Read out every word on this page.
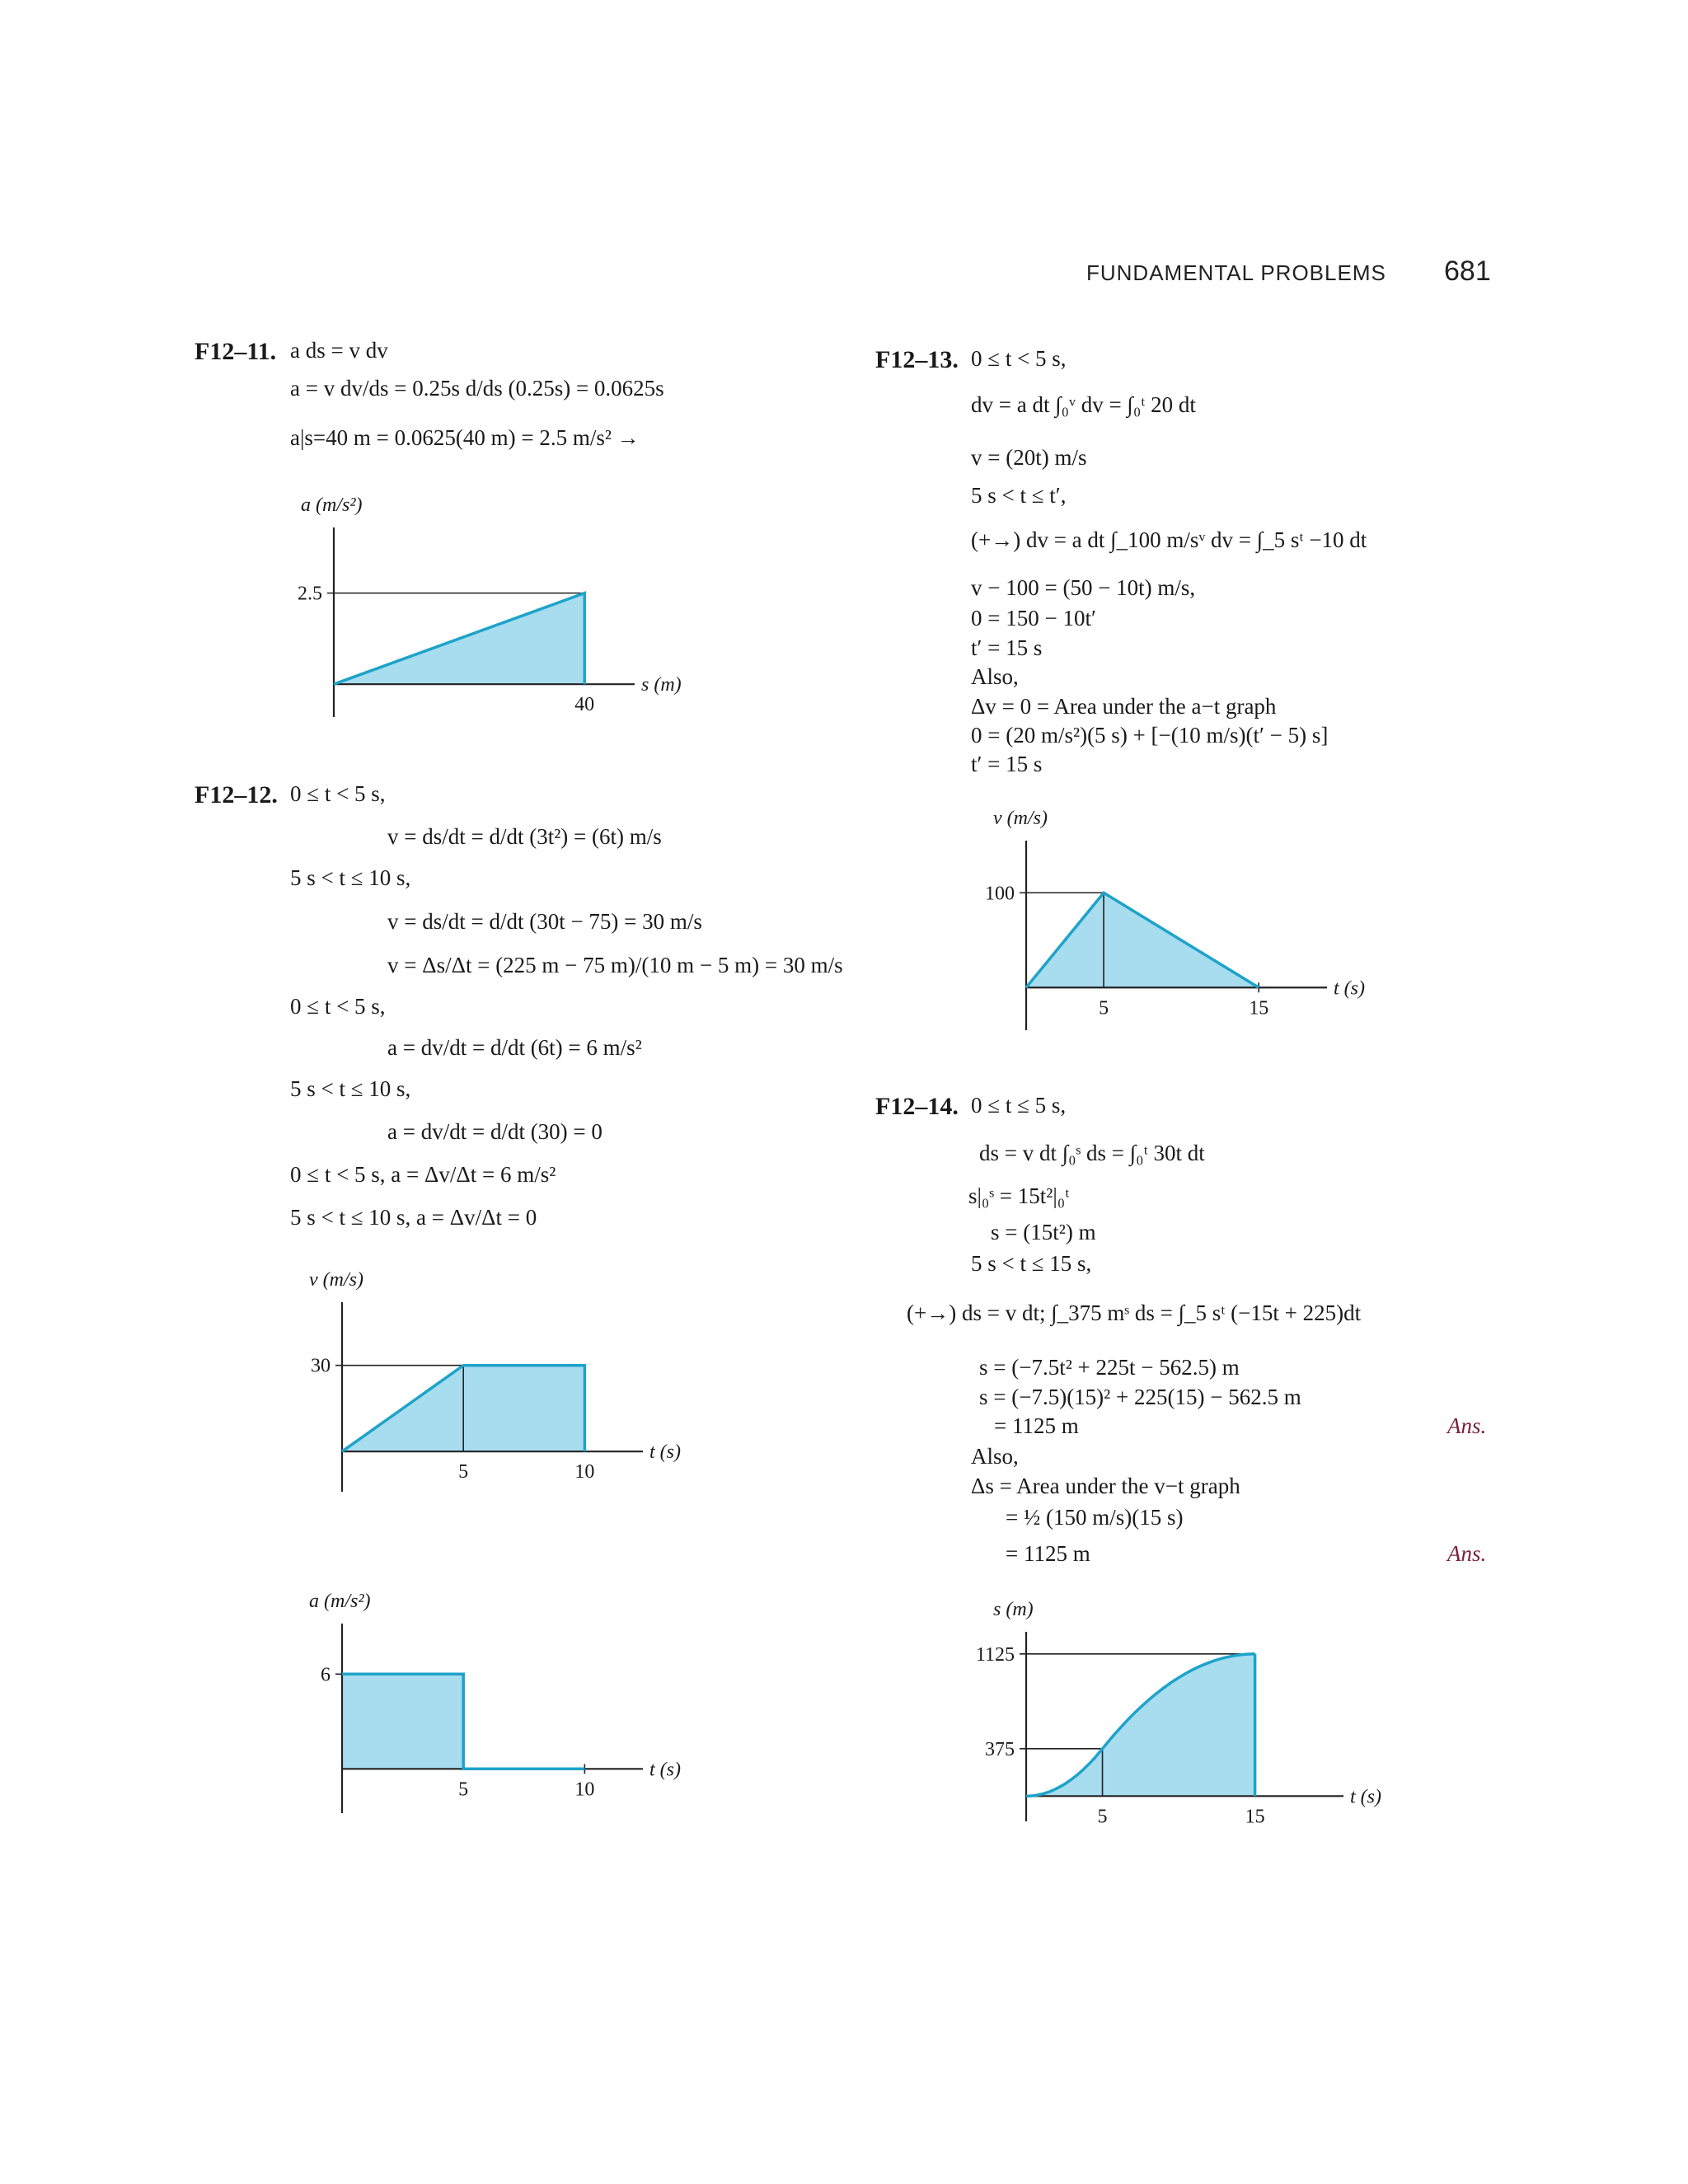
FUNDAMENTAL PROBLEMS 681
F12–11. a ds = v dv
a = v dv/ds = 0.25s d/ds (0.25s) = 0.0625s
a|s=40 m = 0.0625(40 m) = 2.5 m/s² →
a (m/s²)
s (m)
2.5
40
F12–12. 0 ≤ t < 5 s,
v = ds/dt = d/dt (3t²) = (6t) m/s
5 s < t ≤ 10 s,
v = ds/dt = d/dt (30t − 75) = 30 m/s
v = Δs/Δt = (225 m − 75 m)/(10 m − 5 m) = 30 m/s
0 ≤ t < 5 s,
a = dv/dt = d/dt (6t) = 6 m/s²
5 s < t ≤ 10 s,
a = dv/dt = d/dt (30) = 0
0 ≤ t < 5 s, a = Δv/Δt = 6 m/s²
5 s < t ≤ 10 s, a = Δv/Δt = 0
v (m/s)
t (s)
30
5	10
a (m/s²)
t (s)
6
5	10
F12–13. 0 ≤ t < 5 s,
dv = a dt ∫₀ᵛ dv = ∫₀ᵗ 20 dt
v = (20t) m/s
5 s < t ≤ t′,
(+→) dv = a dt ∫_100 m/sᵛ dv = ∫_5 sᵗ −10 dt
v − 100 = (50 − 10t) m/s,
0 = 150 − 10t′
t′ = 15 s
Also,
Δv = 0 = Area under the a−t graph
0 = (20 m/s²)(5 s) + [−(10 m/s)(t′ − 5) s]
t′ = 15 s
v (m/s)
t (s)
100
5	15
F12–14. 0 ≤ t ≤ 5 s,
ds = v dt ∫₀ˢ ds = ∫₀ᵗ 30t dt
s|₀ˢ = 15t²|₀ᵗ
s = (15t²) m
5 s < t ≤ 15 s,
(+→) ds = v dt; ∫_375 mˢ ds = ∫_5 sᵗ (−15t + 225)dt
s = (−7.5t² + 225t − 562.5) m
s = (−7.5)(15)² + 225(15) − 562.5 m
= 1125 m	Ans.
Also,
Δs = Area under the v−t graph
= ½ (150 m/s)(15 s)
= 1125 m	Ans.
s (m)
t (s)
375
1125
5	15
